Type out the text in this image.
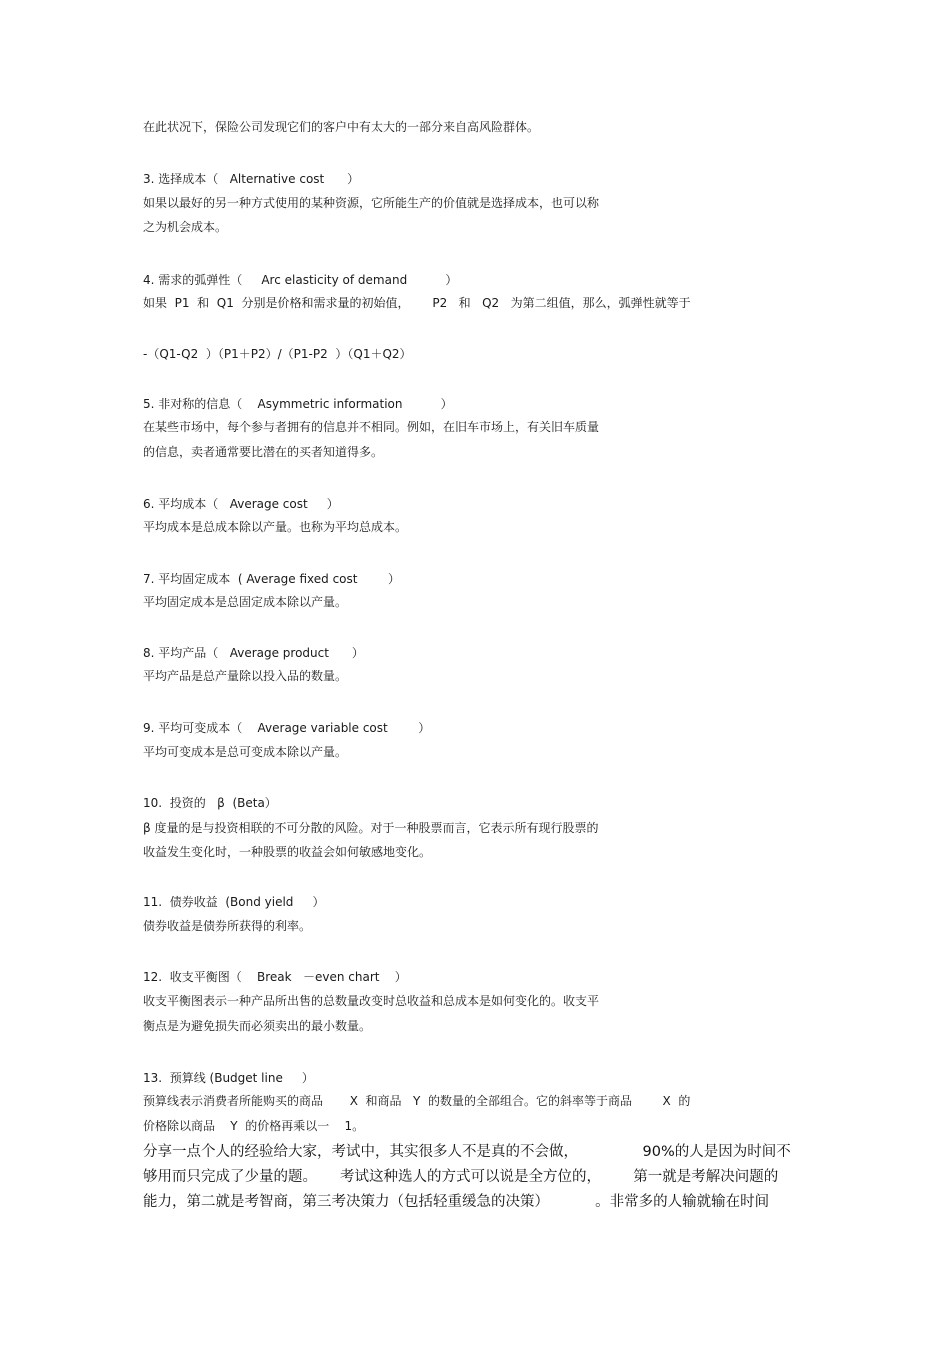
在此状况下，保险公司发现它们的客户中有太大的一部分来自高风险群体。
3. 选择成本（   Alternative cost      ）
如果以最好的另一种方式使用的某种资源，它所能生产的价值就是选择成本，也可以称
之为机会成本。
4. 需求的弧弹性（     Arc elasticity of demand          ）
如果  P1  和  Q1  分别是价格和需求量的初始值，      P2   和   Q2   为第二组值，那么，弧弹性就等于
-（Q1-Q2  ）（P1＋P2）/（P1-P2  ）（Q1＋Q2）
5. 非对称的信息（    Asymmetric information          ）
在某些市场中，每个参与者拥有的信息并不相同。例如，在旧车市场上，有关旧车质量
的信息，卖者通常要比潜在的买者知道得多。
6. 平均成本（   Average cost     ）
平均成本是总成本除以产量。也称为平均总成本。
7. 平均固定成本  ( Average fixed cost        ）
平均固定成本是总固定成本除以产量。
8. 平均产品（   Average product      ）
平均产品是总产量除以投入品的数量。
9. 平均可变成本（    Average variable cost        ）
平均可变成本是总可变成本除以产量。
10.  投资的   β  (Beta）
β 度量的是与投资相联的不可分散的风险。对于一种股票而言，它表示所有现行股票的
收益发生变化时，一种股票的收益会如何敏感地变化。
11.  债券收益  (Bond yield     ）
债券收益是债券所获得的利率。
12.  收支平衡图（    Break   －even chart    ）
收支平衡图表示一种产品所出售的总数量改变时总收益和总成本是如何变化的。收支平
衡点是为避免损失而必须卖出的最小数量。
13.  预算线 (Budget line     ）
预算线表示消费者所能购买的商品       X  和商品   Y  的数量的全部组合。它的斜率等于商品        X  的
价格除以商品    Y  的价格再乘以一    1。
分享一点个人的经验给大家，考试中，其实很多人不是真的不会做，              90%的人是因为时间不
够用而只完成了少量的题。     考试这种选人的方式可以说是全方位的，       第一就是考解决问题的
能力，第二就是考智商，第三考决策力（包括轻重缓急的决策）          。非常多的人输就输在时间
